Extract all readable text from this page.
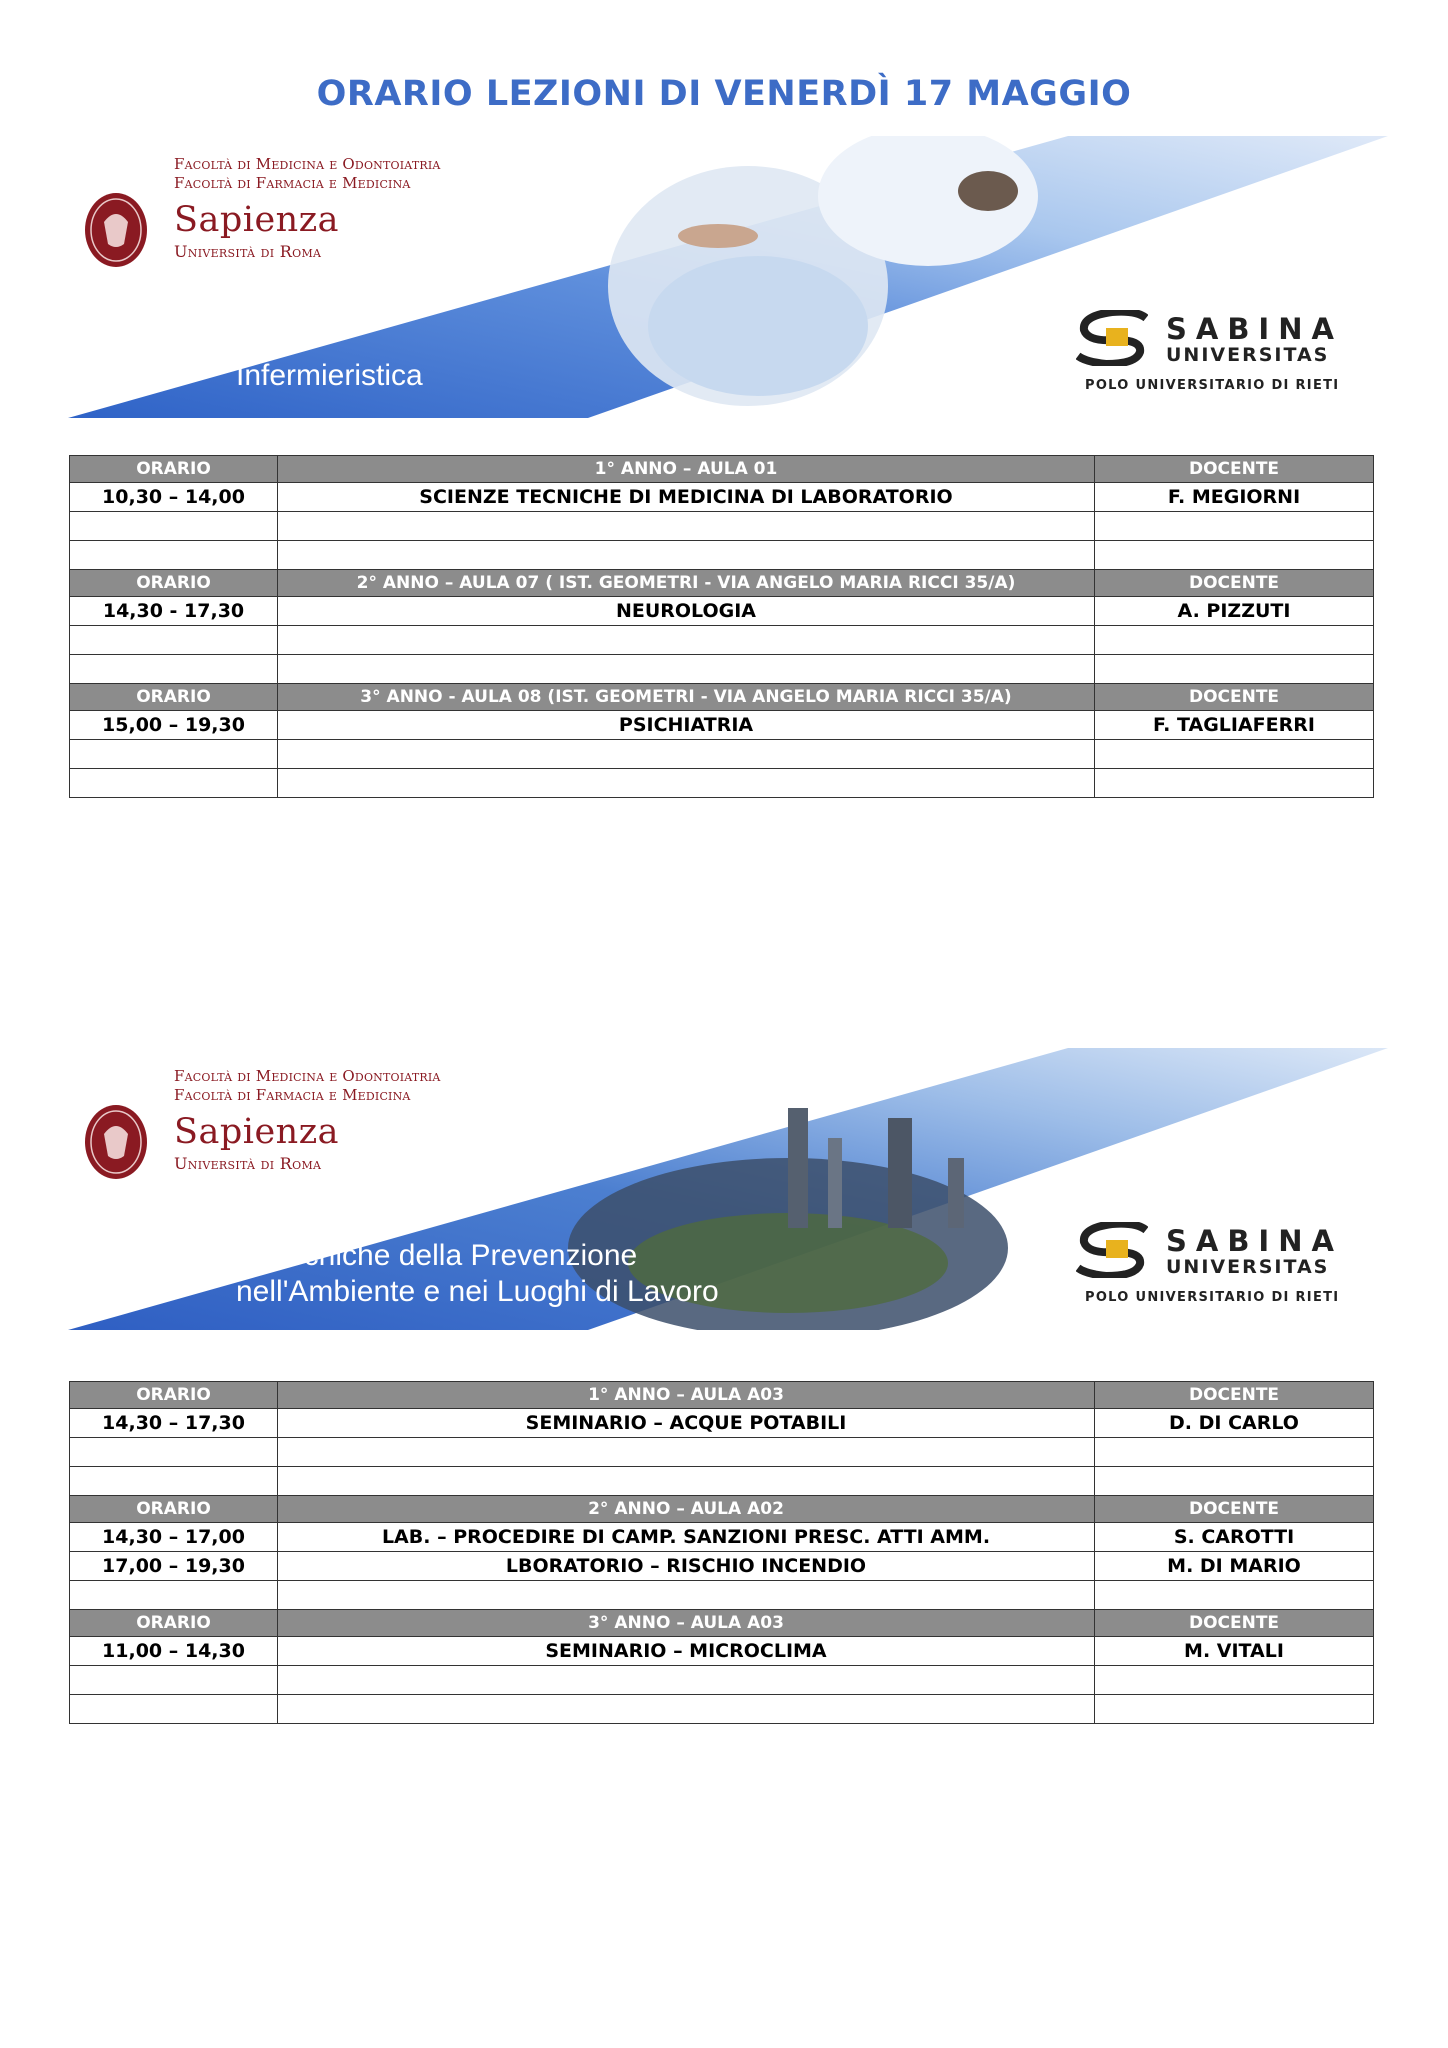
ORARIO LEZIONI DI VENERDÌ 17 MAGGIO
Facoltà di Medicina e Odontoiatria
Facoltà di Farmacia e Medicina
Sapienza
Università di Roma
Infermieristica
SABINA
UNIVERSITAS
POLO UNIVERSITARIO DI RIETI
ORARIO	1° ANNO – AULA 01	DOCENTE
10,30 – 14,00	SCIENZE TECNICHE DI MEDICINA DI LABORATORIO	F. MEGIORNI

ORARIO	2° ANNO – AULA 07 ( IST. GEOMETRI - VIA ANGELO MARIA RICCI 35/A)	DOCENTE
14,30 - 17,30	NEUROLOGIA	A. PIZZUTI

ORARIO	3° ANNO - AULA 08 (IST. GEOMETRI - VIA ANGELO MARIA RICCI 35/A)	DOCENTE
15,00 – 19,30	PSICHIATRIA	F. TAGLIAFERRI

Facoltà di Medicina e Odontoiatria
Facoltà di Farmacia e Medicina
Sapienza
Università di Roma
Tecniche della Prevenzione
nell'Ambiente e nei Luoghi di Lavoro
SABINA
UNIVERSITAS
POLO UNIVERSITARIO DI RIETI
ORARIO	1° ANNO – AULA A03	DOCENTE
14,30 – 17,30	SEMINARIO – ACQUE POTABILI	D. DI CARLO

ORARIO	2° ANNO – AULA A02	DOCENTE
14,30 – 17,00	LAB. – PROCEDIRE DI CAMP. SANZIONI PRESC. ATTI AMM.	S. CAROTTI
17,00 – 19,30	LBORATORIO – RISCHIO INCENDIO	M. DI MARIO

ORARIO	3° ANNO – AULA A03	DOCENTE
11,00 – 14,30	SEMINARIO – MICROCLIMA	M. VITALI
